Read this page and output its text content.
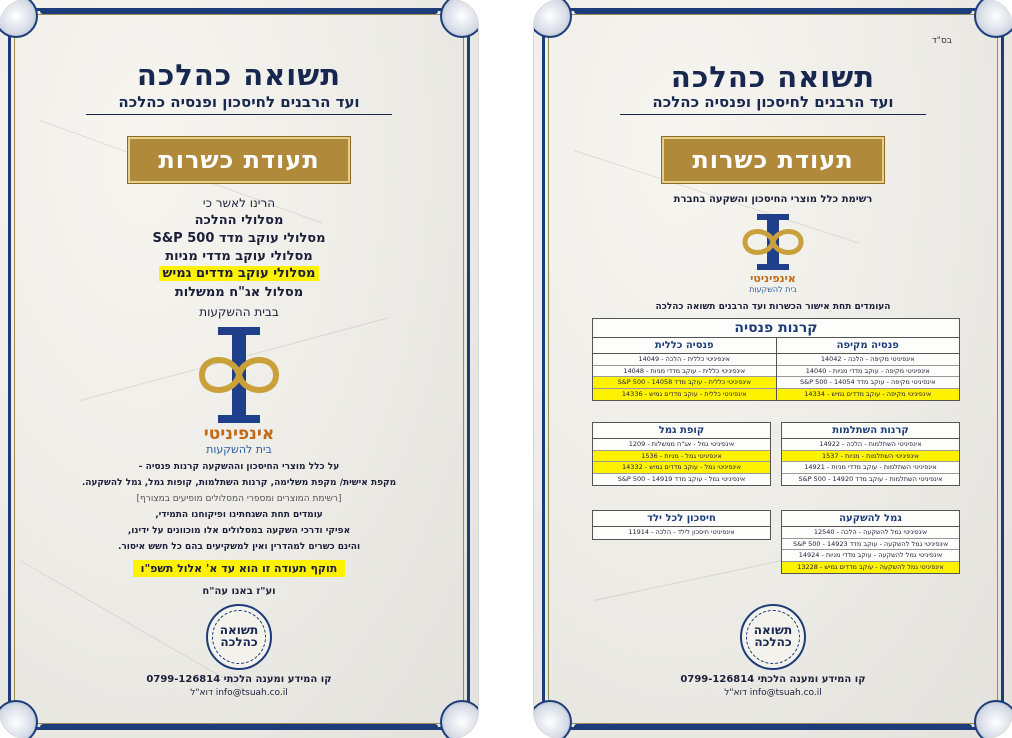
תשואה כהלכה
ועד הרבנים לחיסכון ופנסיה כהלכה
תעודת כשרות
הרינו לאשר כי
מסלולי ההלכה
מסלולי עוקב מדד S&P 500
מסלולי עוקב מדדי מניות
מסלולי עוקב מדדים גמיש
מסלול אג"ח ממשלות
בבית ההשקעות
אינפיניטי
בית להשקעות
על כלל מוצרי החיסכון וההשקעה קרנות פנסיה -
מקפת אישית/ מקפת משלימה, קרנות השתלמות, קופות גמל, גמל להשקעה.
[רשימת המוצרים ומספרי המסלולים מופיעים במצורף]
עומדים תחת השגחתינו ופיקוחנו התמידי,
אפיקי ודרכי השקעה במסלולים אלו מוכוונים על ידינו,
והינם כשרים למהדרין ואין למשקיעים בהם כל חשש איסור.
תוקף תעודה זו הוא עד א' אלול תשפ"ו
וע"ז באנו עה"ח
תשואה
כהלכה
קו המידע ומענה הלכתי 0799-126814
info@tsuah.co.il דוא"ל
בס"ד
תשואה כהלכה
ועד הרבנים לחיסכון ופנסיה כהלכה
תעודת כשרות
רשימת כלל מוצרי החיסכון והשקעה בחברת
אינפיניטי
בית להשקעות
העומדים תחת אישור הכשרות ועד הרבנים תשואה כהלכה
קרנות פנסיה
פנסיה מקיפה
אינפיניטי מקיפה - הלכה - 14042
אינפיניטי מקיפה - עוקב מדדי מניות - 14040
אינפיניטי מקיפה - עוקב מדד S&P 500 - 14054
אינפיניטי מקיפה - עוקב מדדים גמיש - 14334
פנסיה כללית
אינפיניטי כללית - הלכה - 14049
אינפיניטי כללית - עוקב מדדי מניות - 14048
אינפיניטי כללית - עוקב מדד S&P 500 - 14058
אינפיניטי כללית - עוקב מדדים גמיש - 14336
קרנות השתלמות
אינפיניטי השתלמות - הלכה - 14922
אינפיניטי השתלמות - מניות - 1537
אינפיניטי השתלמות - עוקב מדדי מניות - 14921
אינפיניטי השתלמות - עוקב מדד S&P 500 - 14920
קופת גמל
אינפיניטי גמל - אג"ח ממשלות - 1209
אינפיניטי גמל - מניות - 1536
אינפיניטי גמל - עוקב מדדים גמיש - 14332
אינפיניטי גמל - עוקב מדד S&P 500 - 14919
גמל להשקעה
אינפיניטי גמל להשקעה - הלכה - 12540
אינפיניטי גמל להשקעה - עוקב מדד S&P 500 - 14923
אינפיניטי גמל להשקעה - עוקב מדדי מניות - 14924
אינפיניטי גמל להשקעה - עוקב מדדים גמיש - 13228
חיסכון לכל ילד
אינפיניטי חיסכון לילד - הלכה - 11914
תשואה
כהלכה
קו המידע ומענה הלכתי 0799-126814
info@tsuah.co.il דוא"ל
